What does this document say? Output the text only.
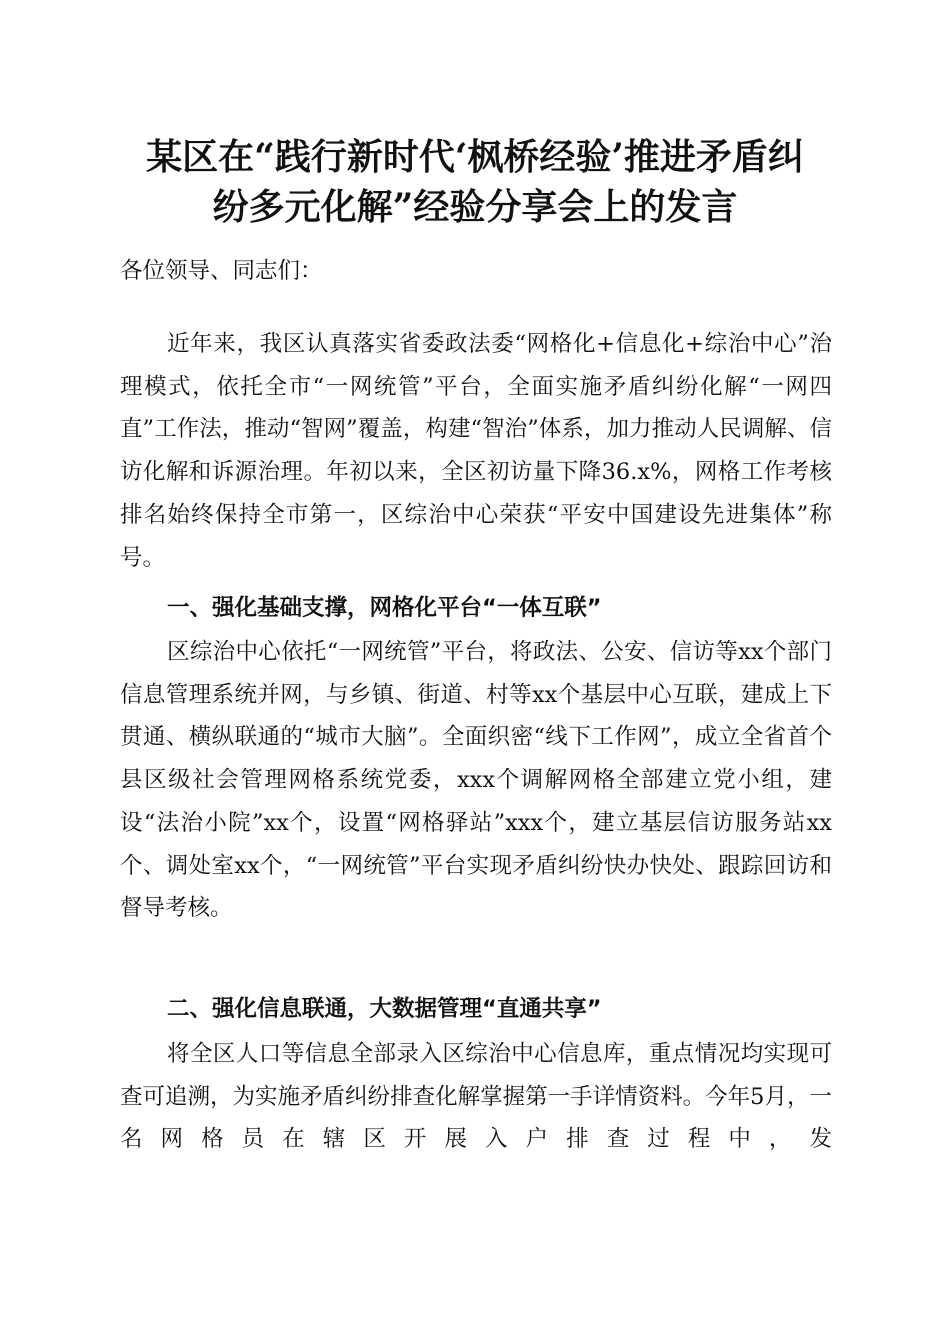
某区在“践行新时代‘枫桥经验’推进矛盾纠
纷多元化解”经验分享会上的发言

各位领导、同志们：

近年来，我区认真落实省委政法委“网格化+信息化+综治中心”治理模式，依托全市“一网统管”平台，全面实施矛盾纠纷化解“一网四直”工作法，推动“智网”覆盖，构建“智治”体系，加力推动人民调解、信访化解和诉源治理。年初以来，全区初访量下降36.x%，网格工作考核排名始终保持全市第一，区综治中心荣获“平安中国建设先进集体”称号。

一、强化基础支撑，网格化平台“一体互联”

区综治中心依托“一网统管”平台，将政法、公安、信访等xx个部门信息管理系统并网，与乡镇、街道、村等xx个基层中心互联，建成上下贯通、横纵联通的“城市大脑”。全面织密“线下工作网”，成立全省首个县区级社会管理网格系统党委，xxx个调解网格全部建立党小组，建设“法治小院”xx个，设置“网格驿站”xxx个，建立基层信访服务站xx个、调处室xx个，“一网统管”平台实现矛盾纠纷快办快处、跟踪回访和督导考核。

二、强化信息联通，大数据管理“直通共享”

将全区人口等信息全部录入区综治中心信息库，重点情况均实现可查可追溯，为实施矛盾纠纷排查化解掌握第一手详情资料。今年5月，一名网格员在辖区开展入户排查过程中，发
